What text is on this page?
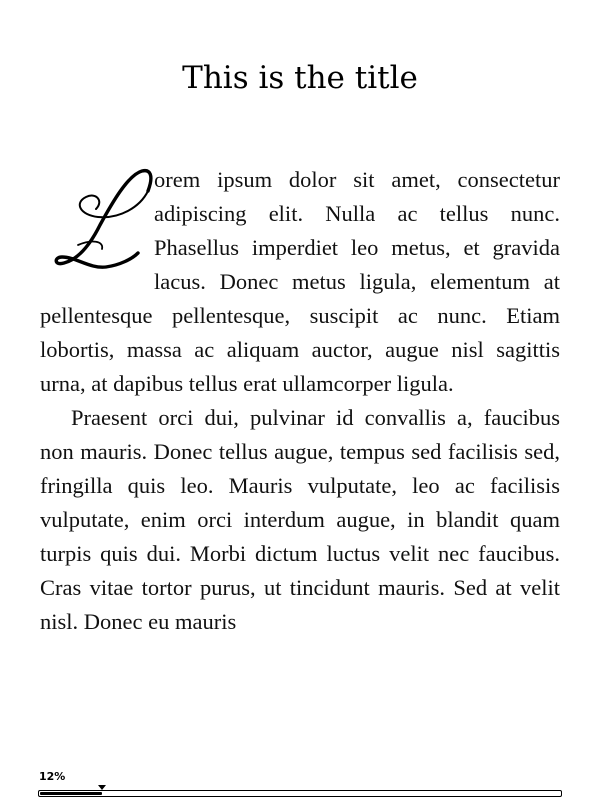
This is the title

orem ipsum dolor sit amet, consectetur adipiscing elit. Nulla ac tellus nunc. Phasellus imperdiet leo metus, et gravida lacus. Donec metus ligula, elementum at pellentesque pellentesque, suscipit ac nunc. Etiam lobortis, massa ac aliquam auctor, augue nisl sagittis urna, at dapibus tellus erat ullamcorper ligula.

Praesent orci dui, pulvinar id convallis a, faucibus non mauris. Donec tellus augue, tempus sed facilisis sed, fringilla quis leo. Mauris vulputate, leo ac facilisis vulputate, enim orci interdum augue, in blandit quam turpis quis dui. Morbi dictum luctus velit nec faucibus. Cras vitae tortor purus, ut tincidunt mauris. Sed at velit nisl. Donec eu mauris

12%
